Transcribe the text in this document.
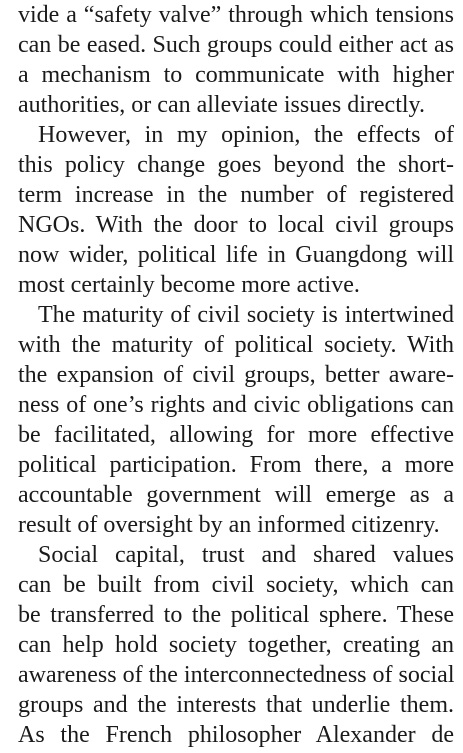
vide a “safety valve” through which tensions
can be eased. Such groups could either act as
a mechanism to communicate with higher
authorities, or can alleviate issues directly.
However, in my opinion, the effects of
this policy change goes beyond the short-
term increase in the number of registered
NGOs. With the door to local civil groups
now wider, political life in Guangdong will
most certainly become more active.
The maturity of civil society is intertwined
with the maturity of political society. With
the expansion of civil groups, better aware-
ness of one’s rights and civic obligations can
be facilitated, allowing for more effective
political participation. From there, a more
accountable government will emerge as a
result of oversight by an informed citizenry.
Social capital, trust and shared values
can be built from civil society, which can
be transferred to the political sphere. These
can help hold society together, creating an
awareness of the interconnectedness of social
groups and the interests that underlie them.
As the French philosopher Alexander de
